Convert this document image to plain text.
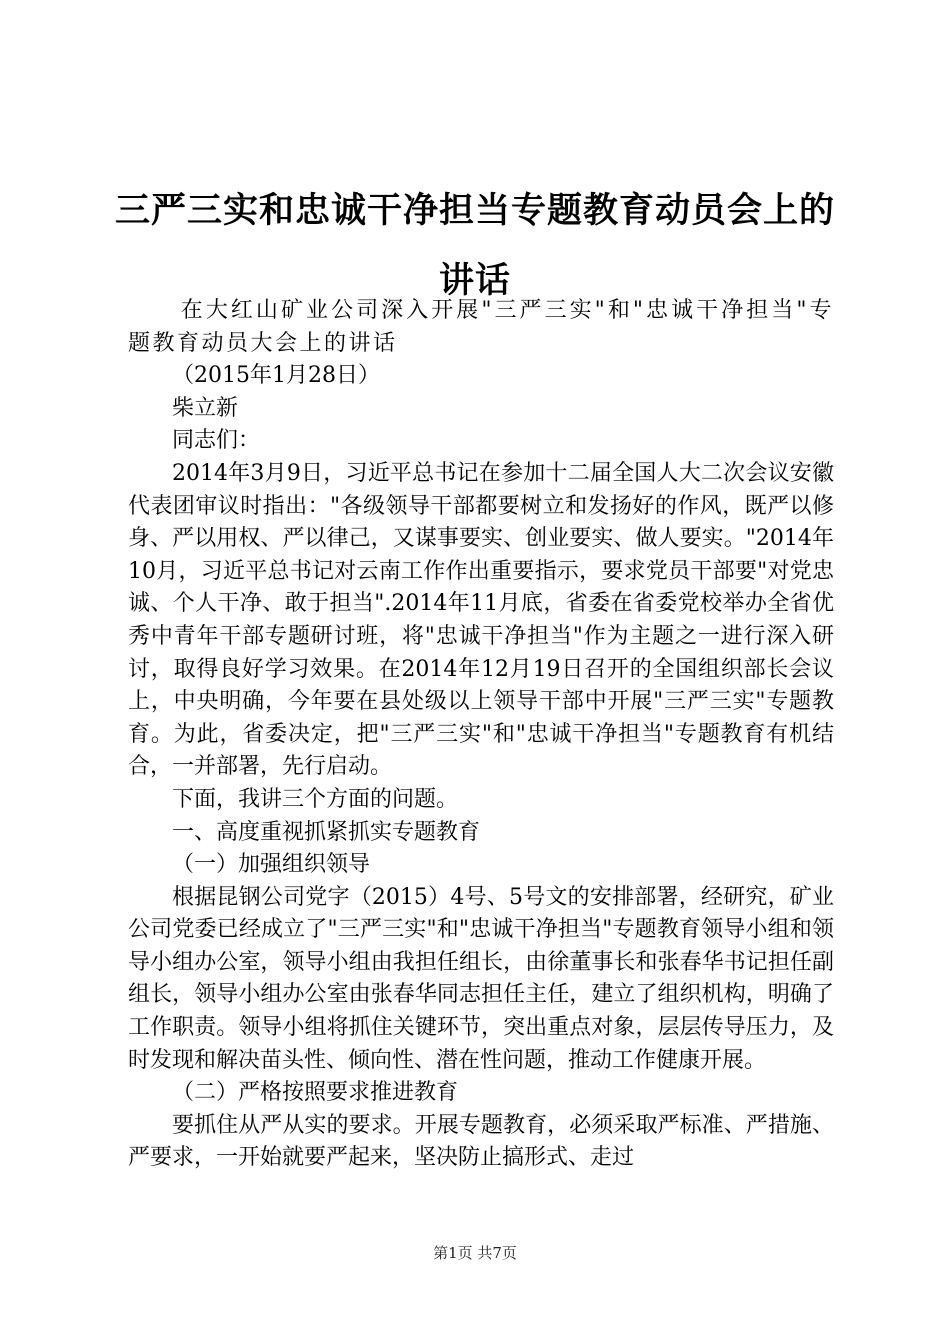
三严三实和忠诚干净担当专题教育动员会上的
讲话

在大红山矿业公司深入开展"三严三实"和"忠诚干净担当"专题教育动员大会上的讲话

（2015年1月28日）

柴立新

同志们：

2014年3月9日，习近平总书记在参加十二届全国人大二次会议安徽代表团审议时指出："各级领导干部都要树立和发扬好的作风，既严以修身、严以用权、严以律己，又谋事要实、创业要实、做人要实。"2014年10月，习近平总书记对云南工作作出重要指示，要求党员干部要"对党忠诚、个人干净、敢于担当".2014年11月底，省委在省委党校举办全省优秀中青年干部专题研讨班，将"忠诚干净担当"作为主题之一进行深入研讨，取得良好学习效果。在2014年12月19日召开的全国组织部长会议上，中央明确，今年要在县处级以上领导干部中开展"三严三实"专题教育。为此，省委决定，把"三严三实"和"忠诚干净担当"专题教育有机结合，一并部署，先行启动。

下面，我讲三个方面的问题。

一、高度重视抓紧抓实专题教育

（一）加强组织领导

根据昆钢公司党字（2015）4号、5号文的安排部署，经研究，矿业公司党委已经成立了"三严三实"和"忠诚干净担当"专题教育领导小组和领导小组办公室，领导小组由我担任组长，由徐董事长和张春华书记担任副组长，领导小组办公室由张春华同志担任主任，建立了组织机构，明确了工作职责。领导小组将抓住关键环节，突出重点对象，层层传导压力，及时发现和解决苗头性、倾向性、潜在性问题，推动工作健康开展。

（二）严格按照要求推进教育

要抓住从严从实的要求。开展专题教育，必须采取严标准、严措施、严要求，一开始就要严起来，坚决防止搞形式、走过

第1页 共7页
